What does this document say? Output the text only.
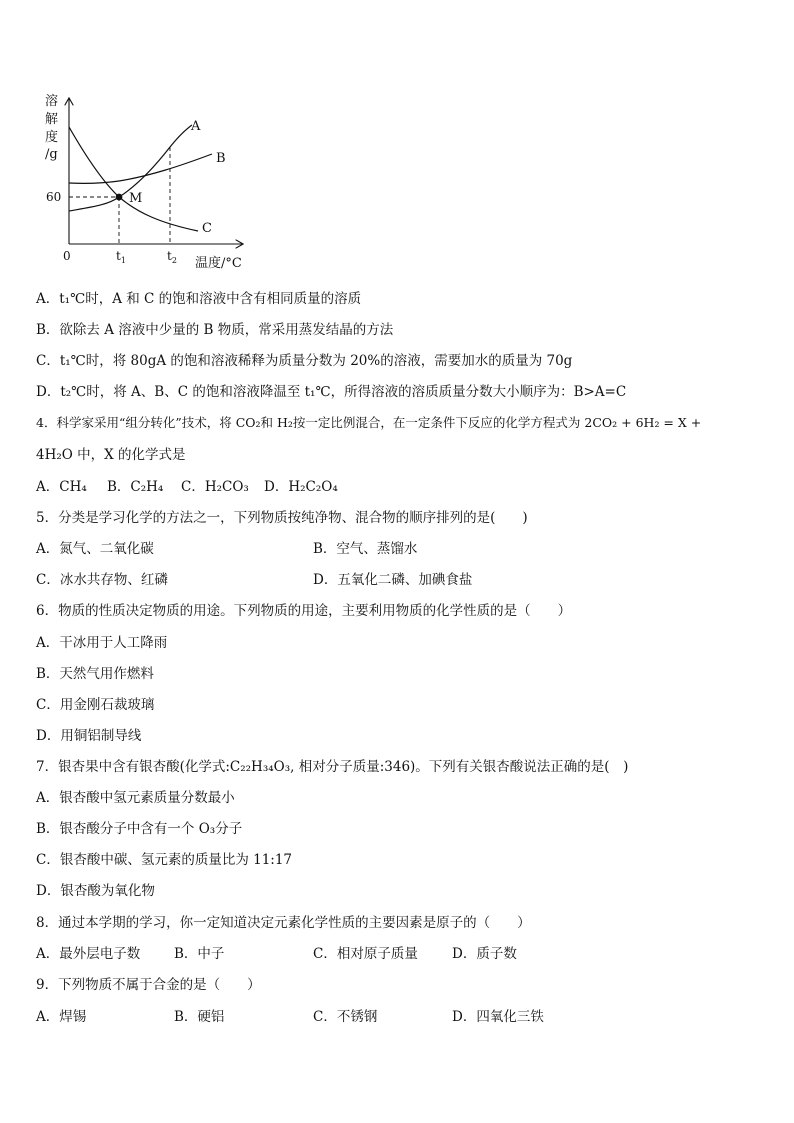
溶
解
度
/g
60
0	$t_1$	$t_2$ 温度/°C
M
A
B
C
A．t₁℃时，A 和 C 的饱和溶液中含有相同质量的溶质
B．欲除去 A 溶液中少量的 B 物质，常采用蒸发结晶的方法
C．t₁℃时，将 80gA 的饱和溶液稀释为质量分数为 20%的溶液，需要加水的质量为 70g
D．t₂℃时，将 A、B、C 的饱和溶液降温至 t₁℃，所得溶液的溶质质量分数大小顺序为：B>A=C
4．科学家采用“组分转化”技术，将 CO₂和 H₂按一定比例混合，在一定条件下反应的化学方程式为 2CO₂ + 6H₂ = X +
4H₂O 中，X 的化学式是
A．CH₄ B．C₂H₄ C．H₂CO₃ D．H₂C₂O₄
5．分类是学习化学的方法之一，下列物质按纯净物、混合物的顺序排列的是(　　)
A．氮气、二氧化碳	B．空气、蒸馏水
C．冰水共存物、红磷	D．五氧化二磷、加碘食盐
6．物质的性质决定物质的用途。下列物质的用途，主要利用物质的化学性质的是（　　）
A．干冰用于人工降雨
B．天然气用作燃料
C．用金刚石裁玻璃
D．用铜铝制导线
7．银杏果中含有银杏酸(化学式:C₂₂H₃₄O₃, 相对分子质量:346)。下列有关银杏酸说法正确的是(　)
A．银杏酸中氢元素质量分数最小
B．银杏酸分子中含有一个 O₃分子
C．银杏酸中碳、氢元素的质量比为 11:17
D．银杏酸为氧化物
8．通过本学期的学习，你一定知道决定元素化学性质的主要因素是原子的（　　）
A．最外层电子数	B．中子	C．相对原子质量	D．质子数
9．下列物质不属于合金的是（　　）
A．焊锡	B．硬铝	C．不锈钢	D．四氧化三铁
